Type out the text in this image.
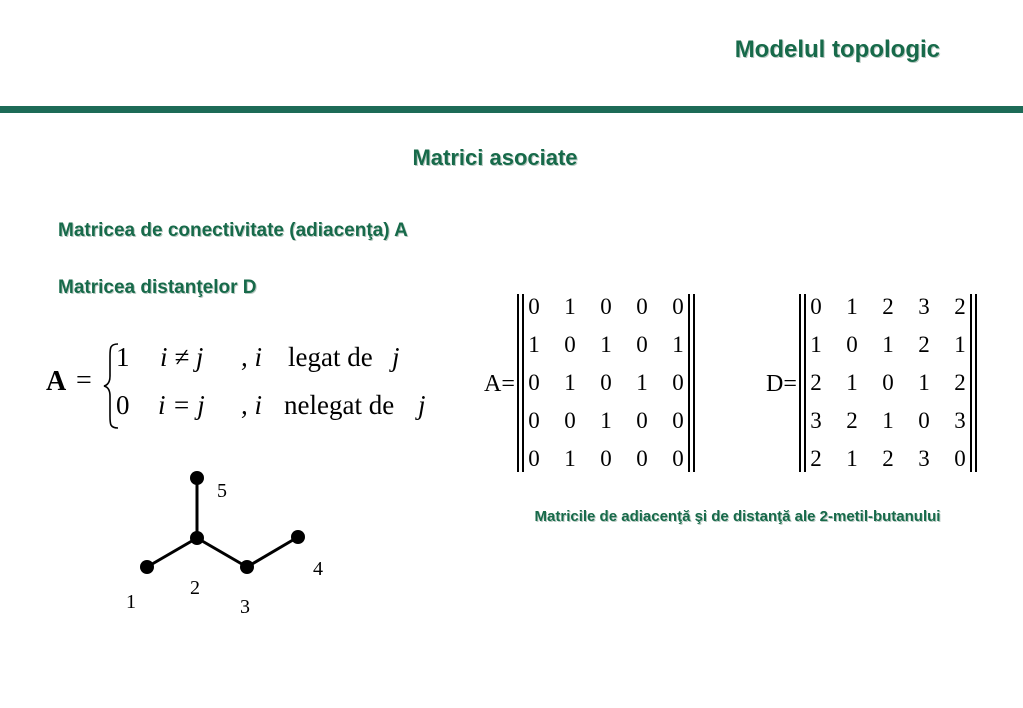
Modelul topologic
Matrici asociate
Matricea de conectivitate (adiacenţa) A
Matricea distanţelor D
A =
1 i ≠ j , i legat de j
0 i = j , i nelegat de j
A=
0	1	0	0	0
1	0	1	0	1
0	1	0	1	0
0	0	1	0	0
0	1	0	0	0
D=
0	1	2	3	2
1	0	1	2	1
2	1	0	1	2
3	2	1	0	3
2	1	2	3	0
Matricile de adiacenţă şi de distanţă ale 2-metil-butanului
1
2
3
4
5
